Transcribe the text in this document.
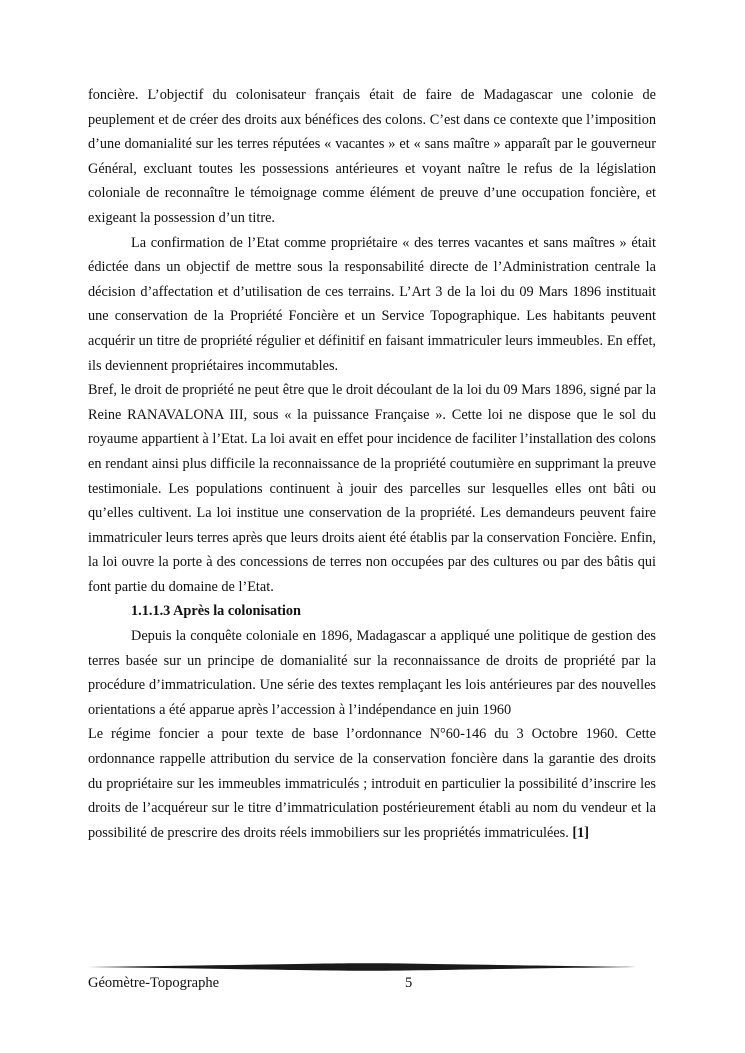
foncière. L’objectif du colonisateur français était de faire de Madagascar une colonie de peuplement et de créer des droits aux bénéfices des colons. C’est dans ce contexte que l’imposition d’une domanialité sur les terres réputées « vacantes » et « sans maître » apparaît par le gouverneur Général, excluant toutes les possessions antérieures et voyant naître le refus de la législation coloniale de reconnaître le témoignage comme élément de preuve d’une occupation foncière, et exigeant la possession d’un titre.

La confirmation de l’Etat comme propriétaire « des terres vacantes et sans maîtres » était édictée dans un objectif de mettre sous la responsabilité directe de l’Administration centrale la décision d’affectation et d’utilisation de ces terrains. L’Art 3 de la loi du 09 Mars 1896 instituait une conservation de la Propriété Foncière et un Service Topographique. Les habitants peuvent acquérir un titre de propriété régulier et définitif en faisant immatriculer leurs immeubles. En effet, ils deviennent propriétaires incommutables.

Bref, le droit de propriété ne peut être que le droit découlant de la loi du 09 Mars 1896, signé par la Reine RANAVALONA III, sous « la puissance Française ». Cette loi ne dispose que le sol du royaume appartient à l’Etat. La loi avait en effet pour incidence de faciliter l’installation des colons en rendant ainsi plus difficile la reconnaissance de la propriété coutumière en supprimant la preuve testimoniale. Les populations continuent à jouir des parcelles sur lesquelles elles ont bâti ou qu’elles cultivent. La loi institue une conservation de la propriété. Les demandeurs peuvent faire immatriculer leurs terres après que leurs droits aient été établis par la conservation Foncière. Enfin, la loi ouvre la porte à des concessions de terres non occupées par des cultures ou par des bâtis qui font partie du domaine de l’Etat.

1.1.1.3 Après la colonisation

Depuis la conquête coloniale en 1896, Madagascar a appliqué une politique de gestion des terres basée sur un principe de domanialité sur la reconnaissance de droits de propriété par la procédure d’immatriculation. Une série des textes remplaçant les lois antérieures par des nouvelles orientations a été apparue après l’accession à l’indépendance en juin 1960

Le régime foncier a pour texte de base l’ordonnance N°60-146 du 3 Octobre 1960. Cette ordonnance rappelle attribution du service de la conservation foncière dans la garantie des droits du propriétaire sur les immeubles immatriculés ; introduit en particulier la possibilité d’inscrire les droits de l’acquéreur sur le titre d’immatriculation postérieurement établi au nom du vendeur et la possibilité de prescrire des droits réels immobiliers sur les propriétés immatriculées. [1]

Géomètre-Topographe	5
